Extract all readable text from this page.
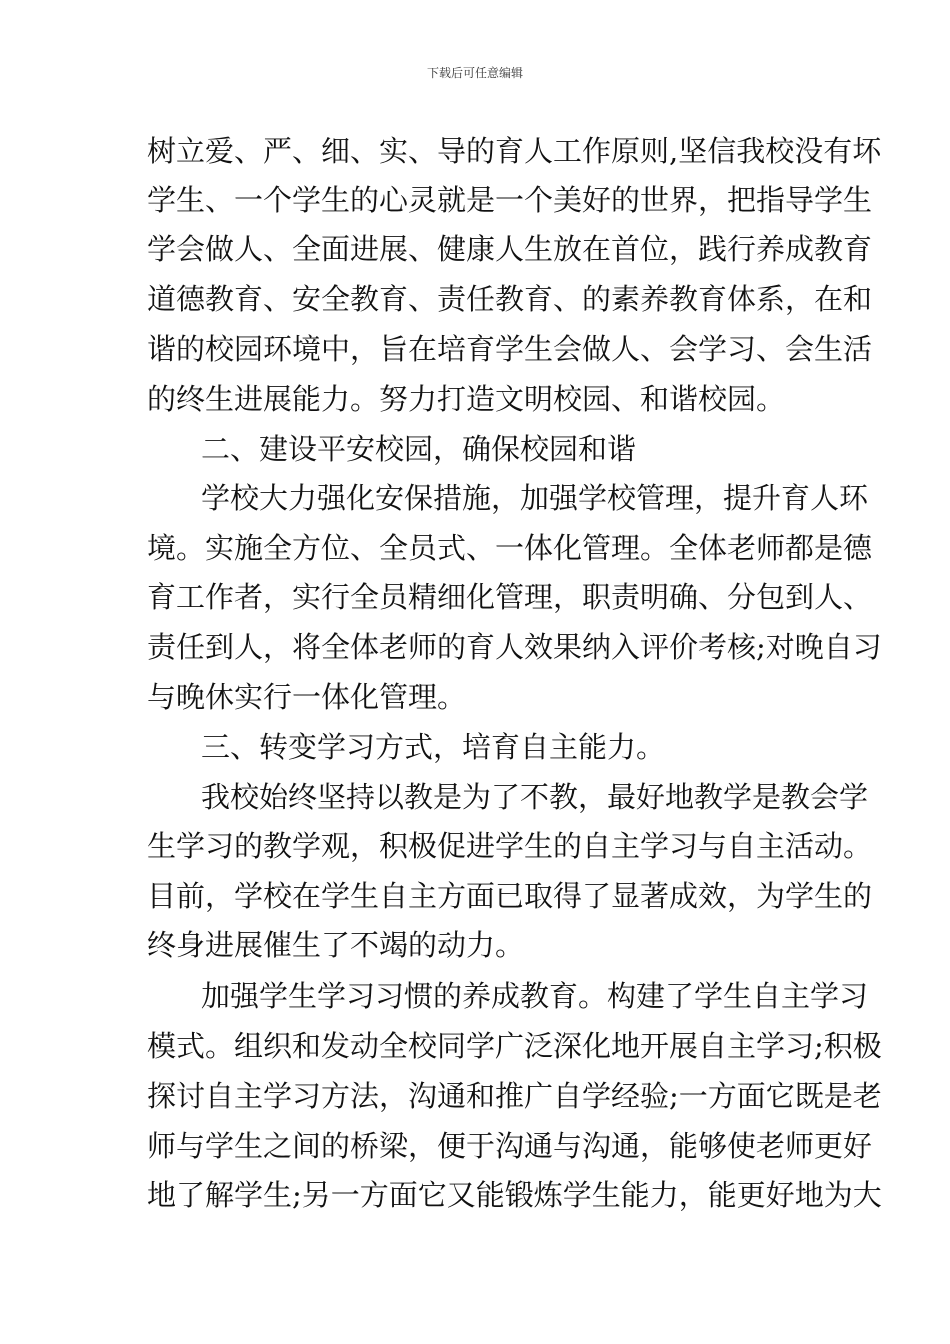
下载后可任意编辑
树立爱、严、细、实、导的育人工作原则,坚信我校没有坏
学生、一个学生的心灵就是一个美好的世界，把指导学生
学会做人、全面进展、健康人生放在首位，践行养成教育
道德教育、安全教育、责任教育、的素养教育体系，在和
谐的校园环境中，旨在培育学生会做人、会学习、会生活
的终生进展能力。努力打造文明校园、和谐校园。
二、建设平安校园，确保校园和谐
学校大力强化安保措施，加强学校管理，提升育人环
境。实施全方位、全员式、一体化管理。全体老师都是德
育工作者，实行全员精细化管理，职责明确、分包到人、
责任到人，将全体老师的育人效果纳入评价考核;对晚自习
与晚休实行一体化管理。
三、转变学习方式，培育自主能力。
我校始终坚持以教是为了不教，最好地教学是教会学
生学习的教学观，积极促进学生的自主学习与自主活动。
目前，学校在学生自主方面已取得了显著成效，为学生的
终身进展催生了不竭的动力。
加强学生学习习惯的养成教育。构建了学生自主学习
模式。组织和发动全校同学广泛深化地开展自主学习;积极
探讨自主学习方法，沟通和推广自学经验;一方面它既是老
师与学生之间的桥梁，便于沟通与沟通，能够使老师更好
地了解学生;另一方面它又能锻炼学生能力，能更好地为大
